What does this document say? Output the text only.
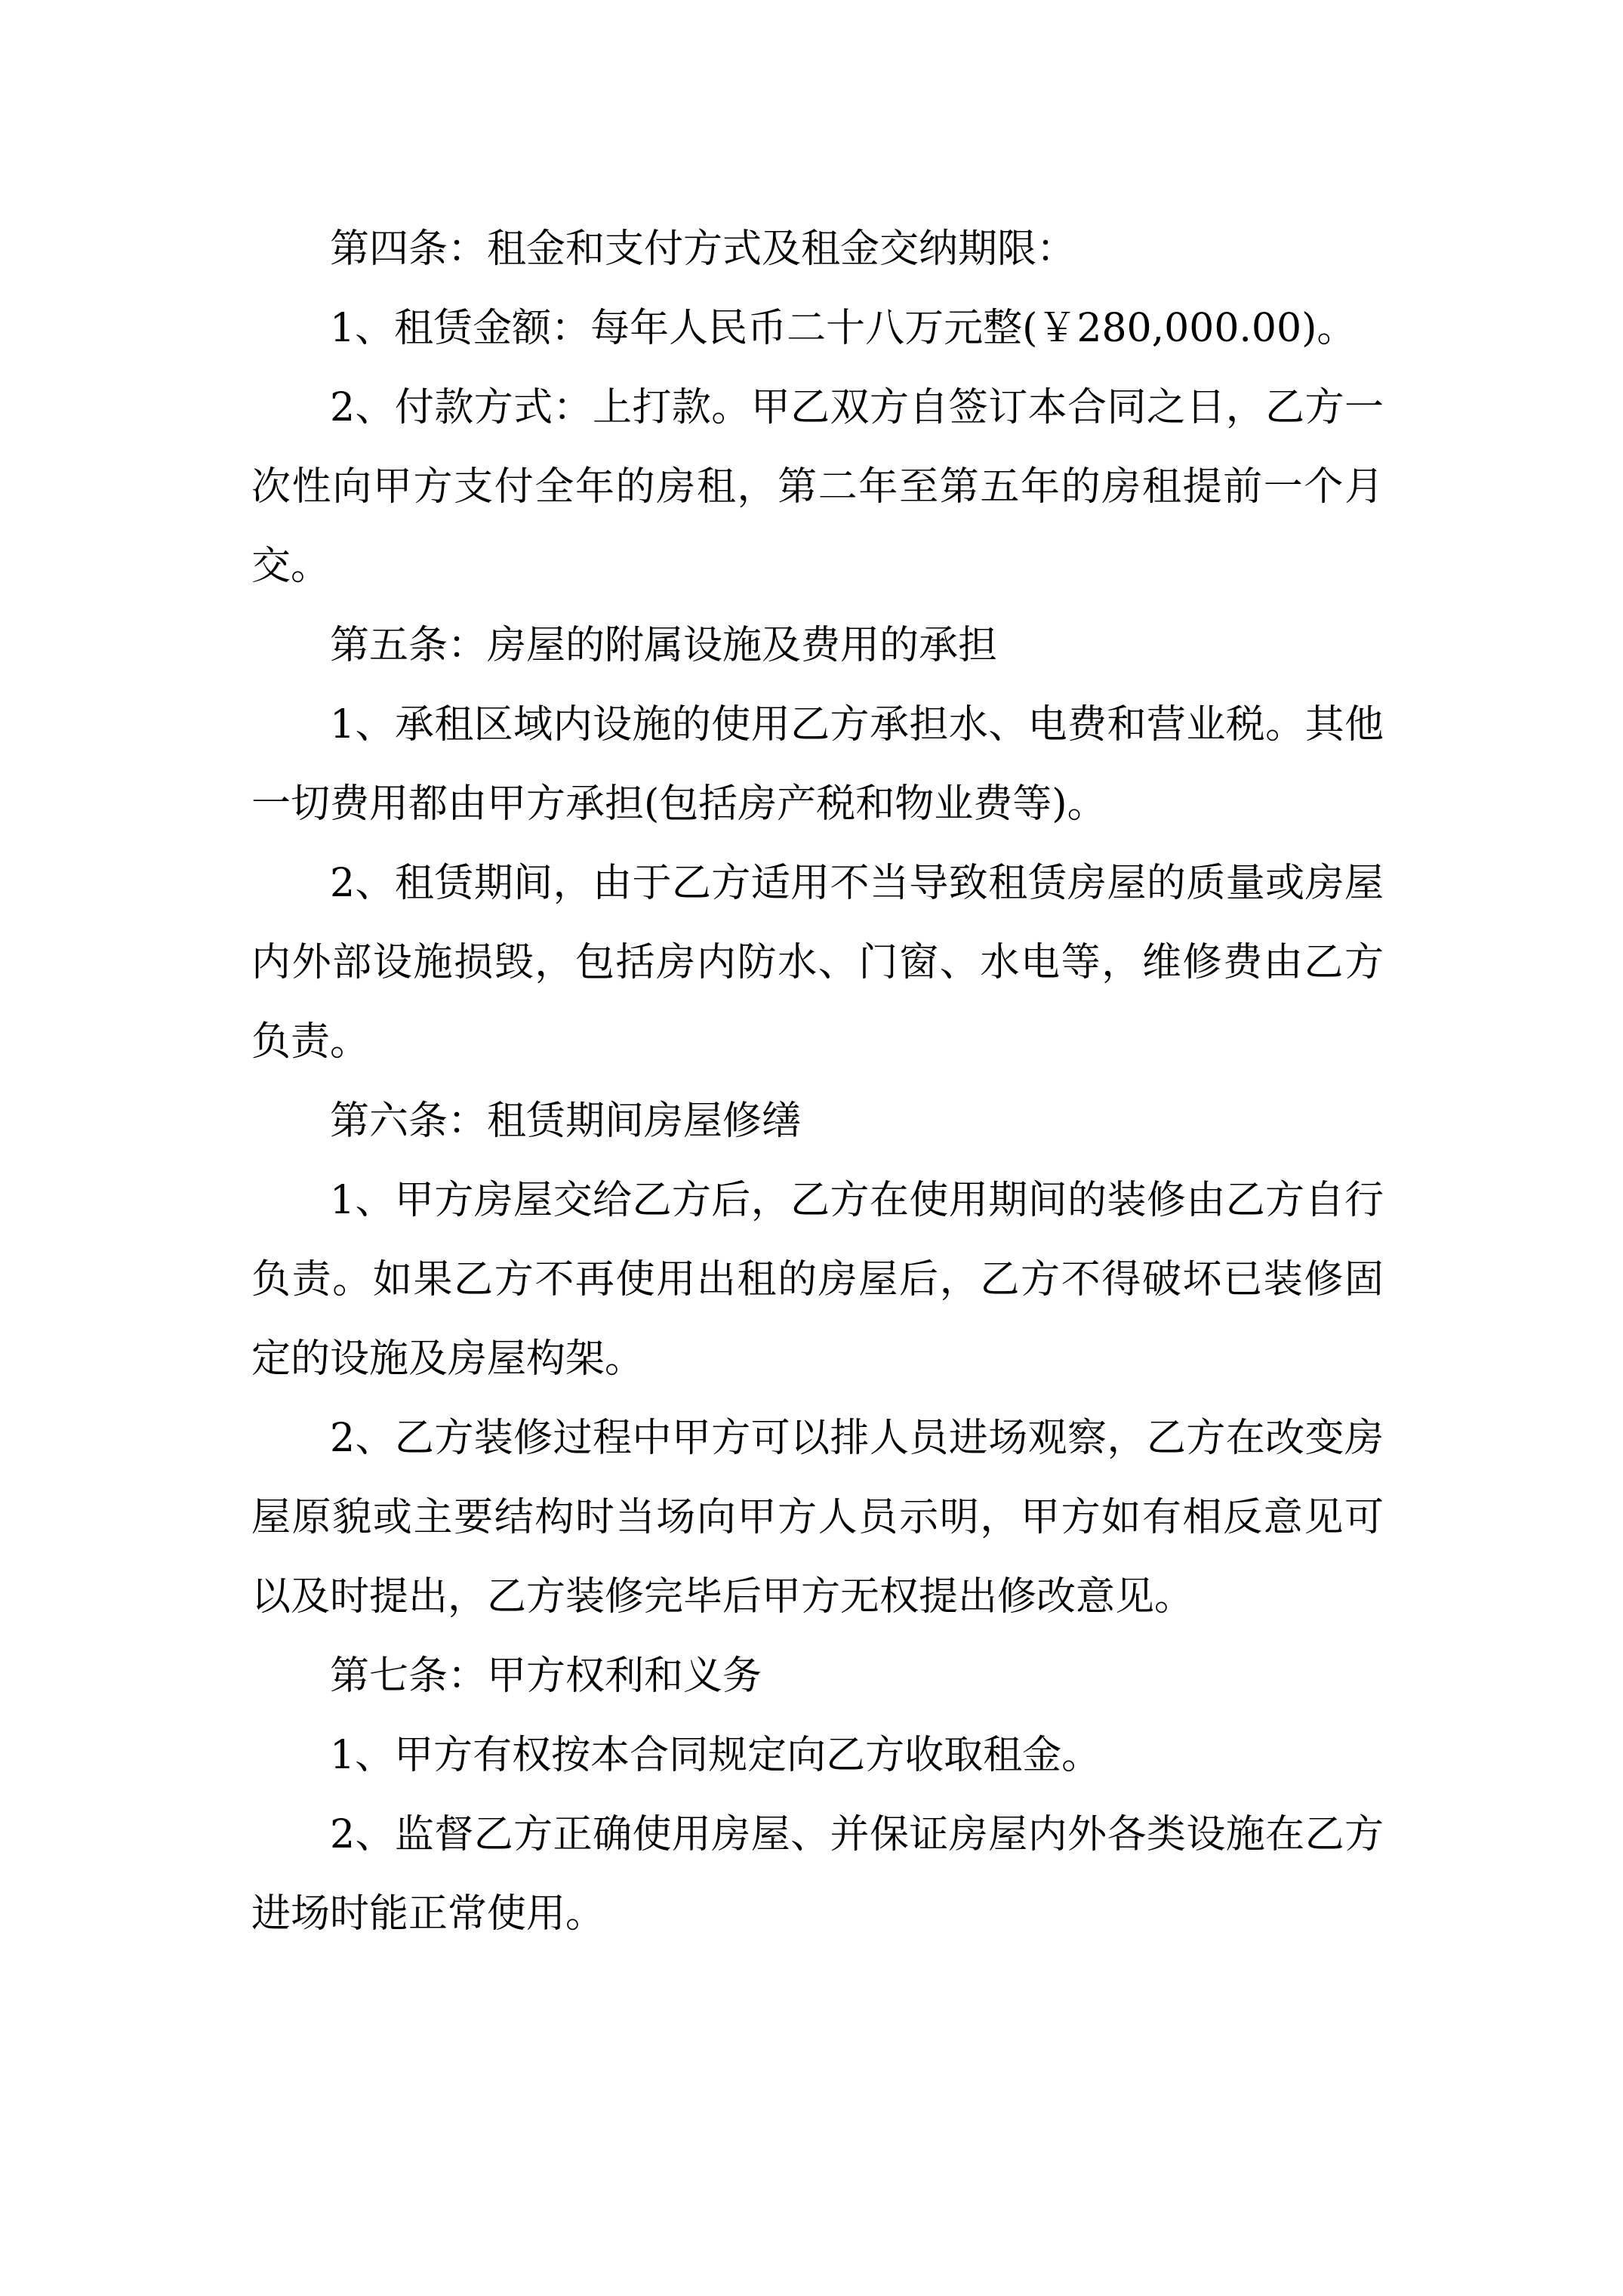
第四条：租金和支付方式及租金交纳期限：

1、租赁金额：每年人民币二十八万元整(￥280,000.00)。

2、付款方式：上打款。甲乙双方自签订本合同之日，乙方一次性向甲方支付全年的房租，第二年至第五年的房租提前一个月交。

第五条：房屋的附属设施及费用的承担

1、承租区域内设施的使用乙方承担水、电费和营业税。其他一切费用都由甲方承担(包括房产税和物业费等)。

2、租赁期间，由于乙方适用不当导致租赁房屋的质量或房屋内外部设施损毁，包括房内防水、门窗、水电等，维修费由乙方负责。

第六条：租赁期间房屋修缮

1、甲方房屋交给乙方后，乙方在使用期间的装修由乙方自行负责。如果乙方不再使用出租的房屋后，乙方不得破坏已装修固定的设施及房屋构架。

2、乙方装修过程中甲方可以排人员进场观察，乙方在改变房屋原貌或主要结构时当场向甲方人员示明，甲方如有相反意见可以及时提出，乙方装修完毕后甲方无权提出修改意见。

第七条：甲方权利和义务

1、甲方有权按本合同规定向乙方收取租金。

2、监督乙方正确使用房屋、并保证房屋内外各类设施在乙方进场时能正常使用。
